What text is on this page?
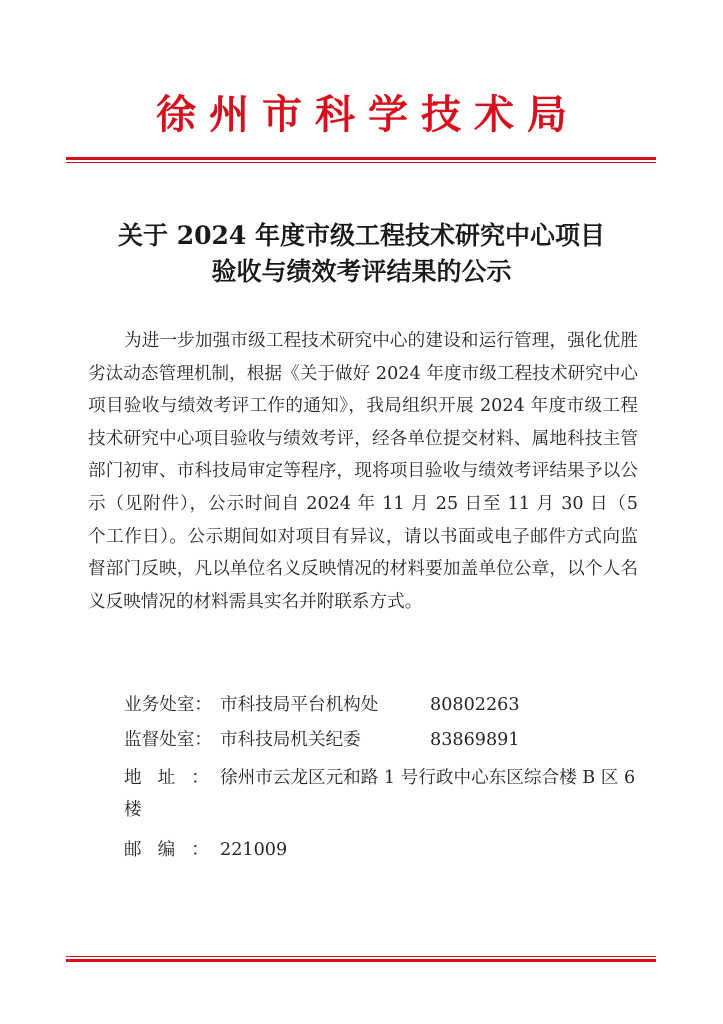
徐州市科学技术局
关于 2024 年度市级工程技术研究中心项目
验收与绩效考评结果的公示

为进一步加强市级工程技术研究中心的建设和运行管理，强化优胜劣汰动态管理机制，根据《关于做好 2024 年度市级工程技术研究中心项目验收与绩效考评工作的通知》，我局组织开展 2024 年度市级工程技术研究中心项目验收与绩效考评，经各单位提交材料、属地科技主管部门初审、市科技局审定等程序，现将项目验收与绩效考评结果予以公示（见附件），公示时间自 2024 年 11 月 25 日至 11 月 30 日（5 个工作日）。公示期间如对项目有异议，请以书面或电子邮件方式向监督部门反映，凡以单位名义反映情况的材料要加盖单位公章，以个人名义反映情况的材料需具实名并附联系方式。

业务处室： 市科技局平台机构处	80802263
监督处室： 市科技局机关纪委	83869891
地址：徐州市云龙区元和路 1 号行政中心东区综合楼 B 区 6 楼
邮编：221009
